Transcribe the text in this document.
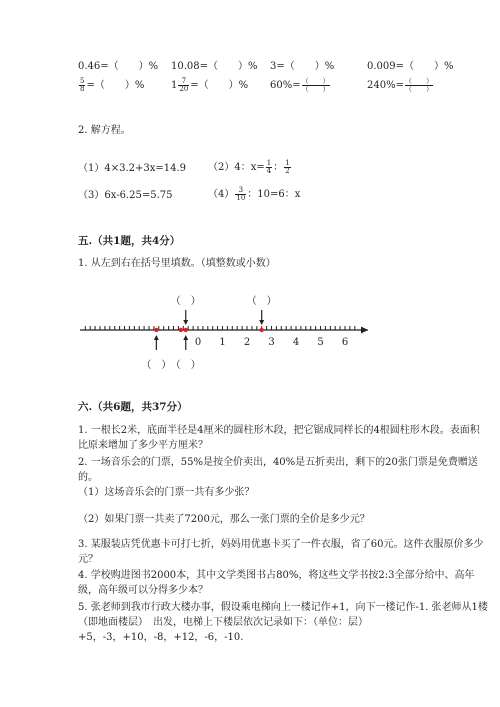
0.46=（　　）% 10.08=（　　）% 3=（　　）%	0.009=（　　）%
$\frac{5}{8}$ =（　　）%	$1 \frac{7}{20}$ =（　　）% $60\%= \frac{( )}{( )}$	$240\%= \frac{( )}{( )}$
2. 解方程。
（1）4×3.2+3x=14.9 （2）4：$x= \frac{1}{4}$ ： $\frac{1}{2}$
（3）6x-6.25=5.75	$(4) \frac{3}{10}$ ：10=6：x
五.（共1题，共4分）
1. 从左到右在括号里填数。（填整数或小数）
0 1 2 3 4 5 6
（　）	（　）
（　） （　）
六.（共6题，共37分）
1. 一根长2米，底面半径是4厘米的圆柱形木段，把它锯成同样长的4根圆柱形木段。表面积比原来增加了多少平方厘米？
2. 一场音乐会的门票，55%是按全价卖出，40%是五折卖出，剩下的20张门票是免费赠送的。
（1）这场音乐会的门票一共有多少张？
（2）如果门票一共卖了7200元，那么一张门票的全价是多少元？
3. 某服装店凭优惠卡可打七折，妈妈用优惠卡买了一件衣服，省了60元。这件衣服原价多少元？
4. 学校购进图书2000本，其中文学类图书占80%，将这些文学书按2:3全部分给中、高年级，高年级可以分得多少本？
5. 张老师到我市行政大楼办事，假设乘电梯向上一楼记作+1，向下一楼记作-1. 张老师从1楼　（即地面楼层）　出发，电梯上下楼层依次记录如下：（单位：层）+5，-3，+10，-8，+12，-6，-10.
